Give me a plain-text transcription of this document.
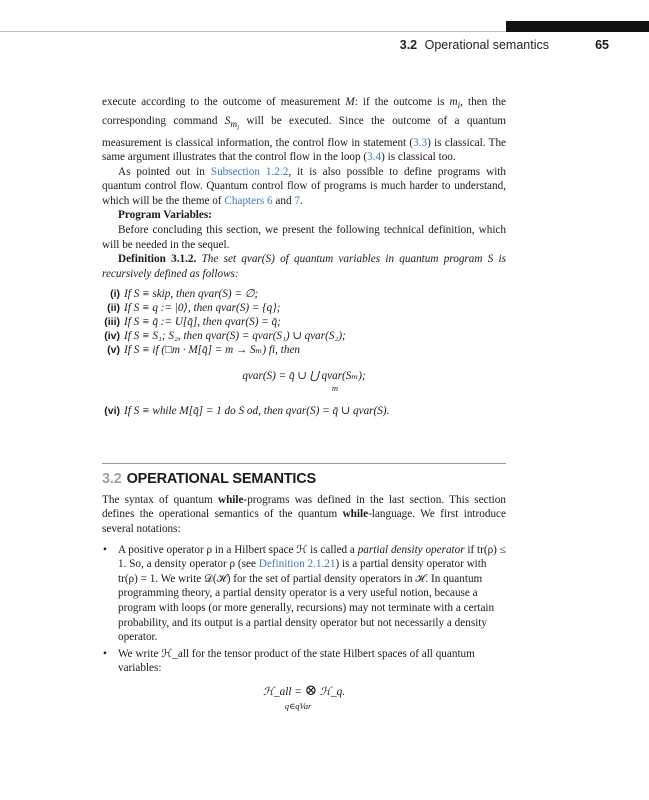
3.2 Operational semantics	65

execute according to the outcome of measurement M: if the outcome is $m_i$, then the corresponding command $S_{m_i}$ will be executed. Since the outcome of a quantum measurement is classical information, the control flow in statement (3.3) is classical. The same argument illustrates that the control flow in the loop (3.4) is classical too.

As pointed out in Subsection 1.2.2, it is also possible to define programs with quantum control flow. Quantum control flow of programs is much harder to understand, which will be the theme of Chapters 6 and 7.

Program Variables:

Before concluding this section, we present the following technical definition, which will be needed in the sequel.

Definition 3.1.2. The set qvar(S) of quantum variables in quantum program S is recursively defined as follows:

(i) If S ≡ skip, then qvar(S) = ∅;
(ii) If S ≡ q := |0⟩, then qvar(S) = {q};
(iii) If S ≡ q̄ := U[q̄], then qvar(S) = q̄;
(iv) If S ≡ S₁; S₂, then qvar(S) = qvar(S₁) ∪ qvar(S₂);
(v) If S ≡ if (□m · M[q̄] = m → Sₘ) fi, then
qvar(S) = q̄ ∪ ⋃ qvar(Sₘ);
m
(vi) If S ≡ while M[q̄] = 1 do S od, then qvar(S) = q̄ ∪ qvar(S).
3.2 OPERATIONAL SEMANTICS

The syntax of quantum while-programs was defined in the last section. This section defines the operational semantics of the quantum while-language. We first introduce several notations:

• A positive operator ρ in a Hilbert space ℋ is called a partial density operator if tr(ρ) ≤ 1. So, a density operator ρ (see Definition 2.1.21) is a partial density operator with tr(ρ) = 1. We write 𝒟(ℋ) for the set of partial density operators in ℋ. In quantum programming theory, a partial density operator is a very useful notion, because a program with loops (or more generally, recursions) may not terminate with a certain probability, and its output is a partial density operator but not necessarily a density operator.
• We write ℋ_all for the tensor product of the state Hilbert spaces of all quantum variables:
ℋ_all = ⊗ ℋ_q.
q∈qVar
